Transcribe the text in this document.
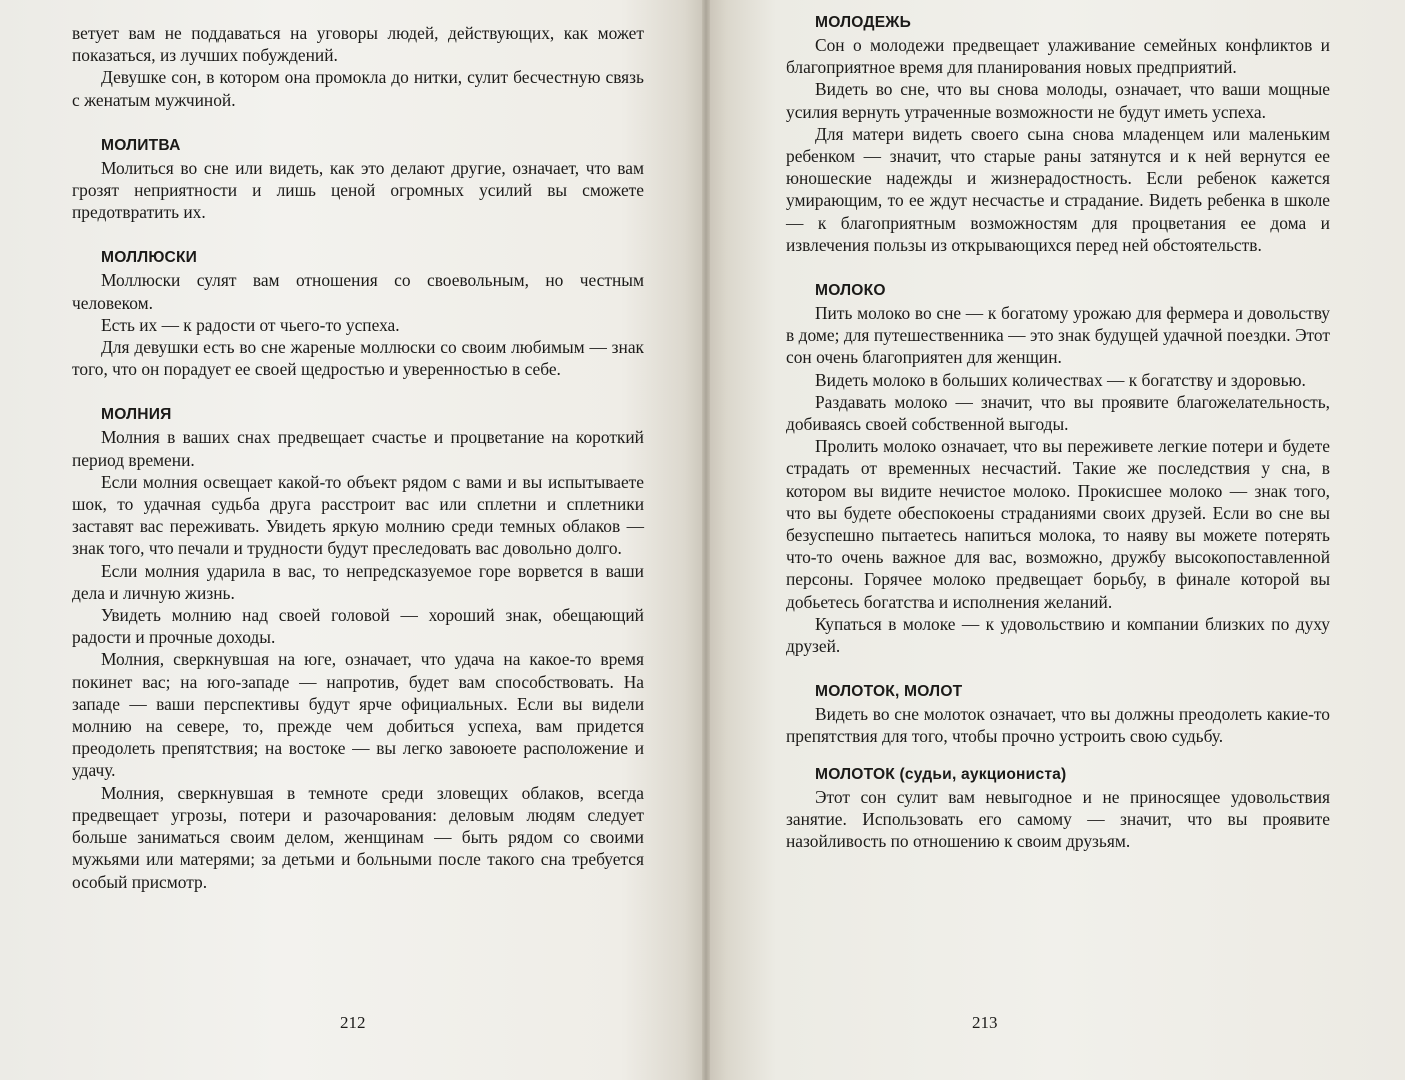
ветует вам не поддаваться на уговоры людей, действующих, как может показаться, из лучших побуждений.

Девушке сон, в котором она промокла до нитки, сулит бесчестную связь с женатым мужчиной.

МОЛИТВА

Молиться во сне или видеть, как это делают другие, означает, что вам грозят неприятности и лишь ценой огромных усилий вы сможете предотвратить их.

МОЛЛЮСКИ

Моллюски сулят вам отношения со своевольным, но честным человеком.

Есть их — к радости от чьего-то успеха.

Для девушки есть во сне жареные моллюски со своим любимым — знак того, что он порадует ее своей щедростью и уверенностью в себе.

МОЛНИЯ

Молния в ваших снах предвещает счастье и процветание на короткий период времени.

Если молния освещает какой-то объект рядом с вами и вы испытываете шок, то удачная судьба друга расстроит вас или сплетни и сплетники заставят вас переживать. Увидеть яркую молнию среди темных облаков — знак того, что печали и трудности будут преследовать вас довольно долго.

Если молния ударила в вас, то непредсказуемое горе ворвется в ваши дела и личную жизнь.

Увидеть молнию над своей головой — хороший знак, обещающий радости и прочные доходы.

Молния, сверкнувшая на юге, означает, что удача на какое-то время покинет вас; на юго-западе — напротив, будет вам способствовать. На западе — ваши перспективы будут ярче официальных. Если вы видели молнию на севере, то, прежде чем добиться успеха, вам придется преодолеть препятствия; на востоке — вы легко завоюете расположение и удачу.

Молния, сверкнувшая в темноте среди зловещих облаков, всегда предвещает угрозы, потери и разочарования: деловым людям следует больше заниматься своим делом, женщинам — быть рядом со своими мужьями или матерями; за детьми и больными после такого сна требуется особый присмотр.

212
МОЛОДЕЖЬ

Сон о молодежи предвещает улаживание семейных конфликтов и благоприятное время для планирования новых предприятий.

Видеть во сне, что вы снова молоды, означает, что ваши мощные усилия вернуть утраченные возможности не будут иметь успеха.

Для матери видеть своего сына снова младенцем или маленьким ребенком — значит, что старые раны затянутся и к ней вернутся ее юношеские надежды и жизнерадостность. Если ребенок кажется умирающим, то ее ждут несчастье и страдание. Видеть ребенка в школе — к благоприятным возможностям для процветания ее дома и извлечения пользы из открывающихся перед ней обстоятельств.

МОЛОКО

Пить молоко во сне — к богатому урожаю для фермера и довольству в доме; для путешественника — это знак будущей удачной поездки. Этот сон очень благоприятен для женщин.

Видеть молоко в больших количествах — к богатству и здоровью.

Раздавать молоко — значит, что вы проявите благожелательность, добиваясь своей собственной выгоды.

Пролить молоко означает, что вы переживете легкие потери и будете страдать от временных несчастий. Такие же последствия у сна, в котором вы видите нечистое молоко. Прокисшее молоко — знак того, что вы будете обеспокоены страданиями своих друзей. Если во сне вы безуспешно пытаетесь напиться молока, то наяву вы можете потерять что-то очень важное для вас, возможно, дружбу высокопоставленной персоны. Горячее молоко предвещает борьбу, в финале которой вы добьетесь богатства и исполнения желаний.

Купаться в молоке — к удовольствию и компании близких по духу друзей.

МОЛОТОК, МОЛОТ

Видеть во сне молоток означает, что вы должны преодолеть какие-то препятствия для того, чтобы прочно устроить свою судьбу.

МОЛОТОК (судьи, аукциониста)

Этот сон сулит вам невыгодное и не приносящее удовольствия занятие. Использовать его самому — значит, что вы проявите назойливость по отношению к своим друзьям.

213
